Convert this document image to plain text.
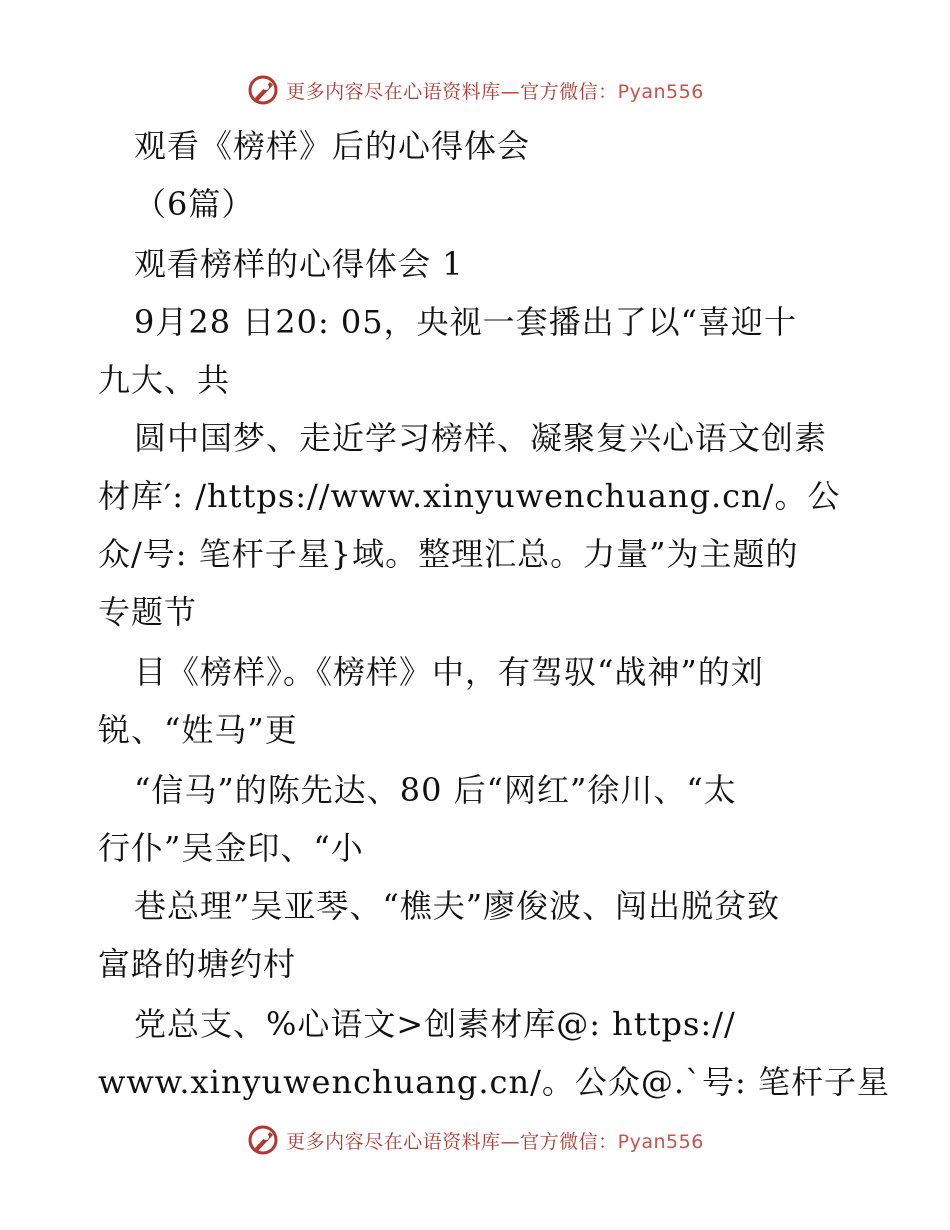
更多内容尽在心语资料库—官方微信：Pyan556
观看《榜样》后的心得体会
（6篇）
观看榜样的心得体会 1
9月28 日20: 05，央视一套播出了以“喜迎十
九大、共
圆中国梦、走近学习榜样、凝聚复兴心语文创素
材库′: /https://www.xinyuwenchuang.cn/。公
众/号: 笔杆子星}域。整理汇总。力量”为主题的
专题节
目《榜样》。《榜样》中，有驾驭“战神”的刘
锐、“姓马”更
“信马”的陈先达、80 后“网红”徐川、“太
行仆”吴金印、“小
巷总理”吴亚琴、“樵夫”廖俊波、闯出脱贫致
富路的塘约村
党总支、%心语文>创素材库@: https://
www.xinyuwenchuang.cn/。公众@.`号: 笔杆子星
更多内容尽在心语资料库—官方微信：Pyan556
